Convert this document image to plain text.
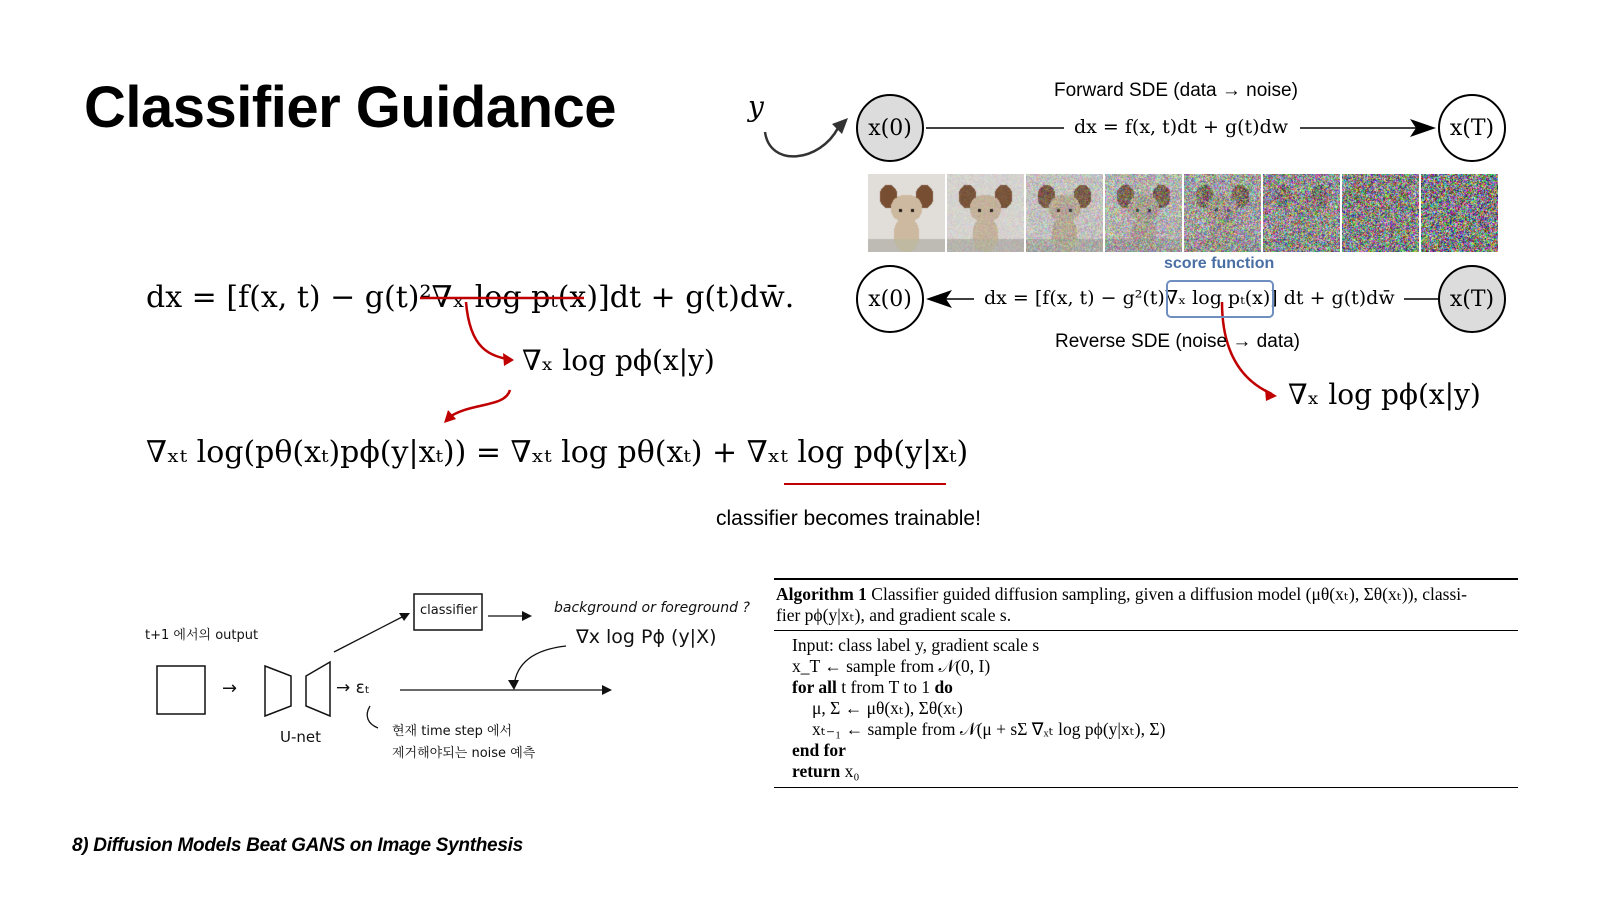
Classifier Guidance
dx = [f(x, t) − g(t)²∇ₓ log pₜ(x)]dt + g(t)dw̄.
∇ₓ log pϕ(x|y)
∇ₓₜ log(pθ(xₜ)pϕ(y|xₜ)) = ∇ₓₜ log pθ(xₜ) + ∇ₓₜ log pϕ(y|xₜ)
classifier becomes trainable!
y
x(0)	x(T)
Forward SDE (data → noise)
dx = f(x, t)dt + g(t)dw
score function
x(0)	x(T)
dx = [f(x, t) − g²(t)∇ₓ log pₜ(x)] dt + g(t)dw̄
Reverse SDE (noise → data)
∇ₓ log pϕ(x|y)
t+1 에서의 output
→
classifier	background or foreground ?
∇x log Pϕ (y|X)
→ εₜ
U-net	현재 time step 에서
제거해야되는 noise 예측
Algorithm 1 Classifier guided diffusion sampling, given a diffusion model (μθ(xₜ), Σθ(xₜ)), classi-
fier pϕ(y|xₜ), and gradient scale s.
Input: class label y, gradient scale s
x_T ← sample from 𝒩(0, I)
for all t from T to 1 do
μ, Σ ← μθ(xₜ), Σθ(xₜ)
xₜ₋₁ ← sample from 𝒩(μ + sΣ ∇ₓₜ log pϕ(y|xₜ), Σ)
end for
return x₀
8) Diffusion Models Beat GANS on Image Synthesis
